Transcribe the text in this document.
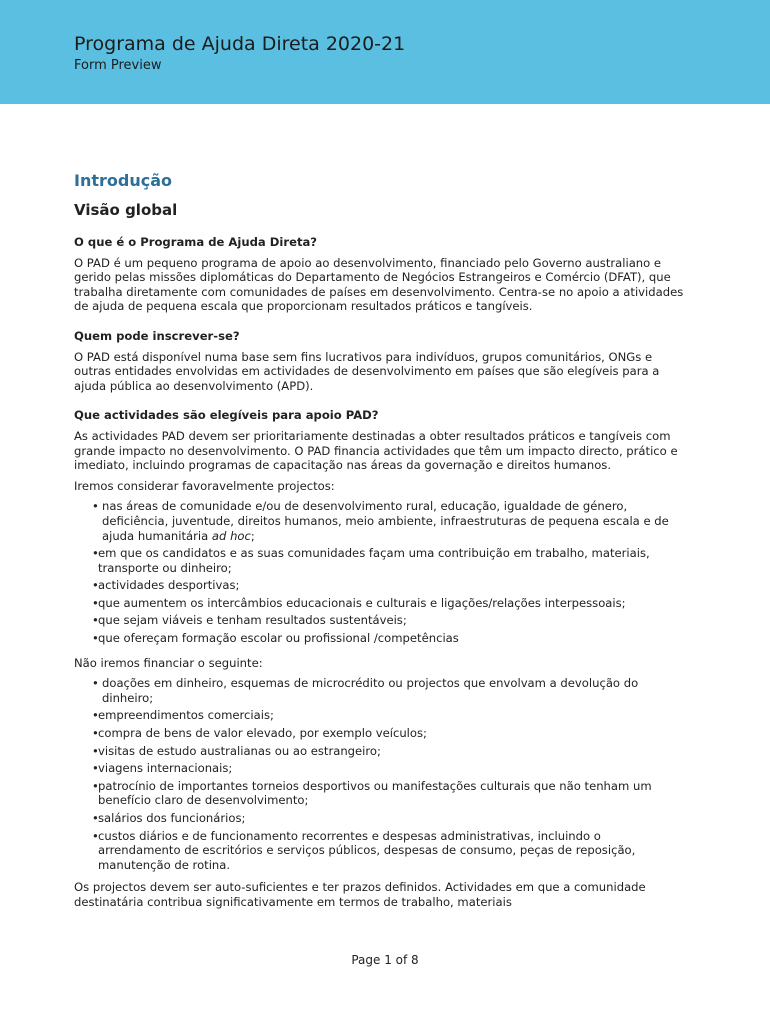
Programa de Ajuda Direta 2020-21
Form Preview
Introdução
Visão global
O que é o Programa de Ajuda Direta?

O PAD é um pequeno programa de apoio ao desenvolvimento, financiado pelo Governo australiano e gerido pelas missões diplomáticas do Departamento de Negócios Estrangeiros e Comércio (DFAT), que trabalha diretamente com comunidades de países em desenvolvimento. Centra-se no apoio a atividades de ajuda de pequena escala que proporcionam resultados práticos e tangíveis.

Quem pode inscrever-se?

O PAD está disponível numa base sem fins lucrativos para indivíduos, grupos comunitários, ONGs e outras entidades envolvidas em actividades de desenvolvimento em países que são elegíveis para a ajuda pública ao desenvolvimento (APD).

Que actividades são elegíveis para apoio PAD?

As actividades PAD devem ser prioritariamente destinadas a obter resultados práticos e tangíveis com grande impacto no desenvolvimento. O PAD financia actividades que têm um impacto directo, prático e imediato, incluindo programas de capacitação nas áreas da governação e direitos humanos.

Iremos considerar favoravelmente projectos:

• nas áreas de comunidade e/ou de desenvolvimento rural, educação, igualdade de género, deficiência, juventude, direitos humanos, meio ambiente, infraestruturas de pequena escala e de ajuda humanitária ad hoc;
• em que os candidatos e as suas comunidades façam uma contribuição em trabalho, materiais, transporte ou dinheiro;
• actividades desportivas;
• que aumentem os intercâmbios educacionais e culturais e ligações/relações interpessoais;
• que sejam viáveis e tenham resultados sustentáveis;
• que ofereçam formação escolar ou profissional /competências

Não iremos financiar o seguinte:

• doações em dinheiro, esquemas de microcrédito ou projectos que envolvam a devolução do dinheiro;
• empreendimentos comerciais;
• compra de bens de valor elevado, por exemplo veículos;
• visitas de estudo australianas ou ao estrangeiro;
• viagens internacionais;
• patrocínio de importantes torneios desportivos ou manifestações culturais que não tenham um benefício claro de desenvolvimento;
• salários dos funcionários;
• custos diários e de funcionamento recorrentes e despesas administrativas, incluindo o arrendamento de escritórios e serviços públicos, despesas de consumo, peças de reposição, manutenção de rotina.

Os projectos devem ser auto-suficientes e ter prazos definidos. Actividades em que a comunidade destinatária contribua significativamente em termos de trabalho, materiais

Page 1 of 8
